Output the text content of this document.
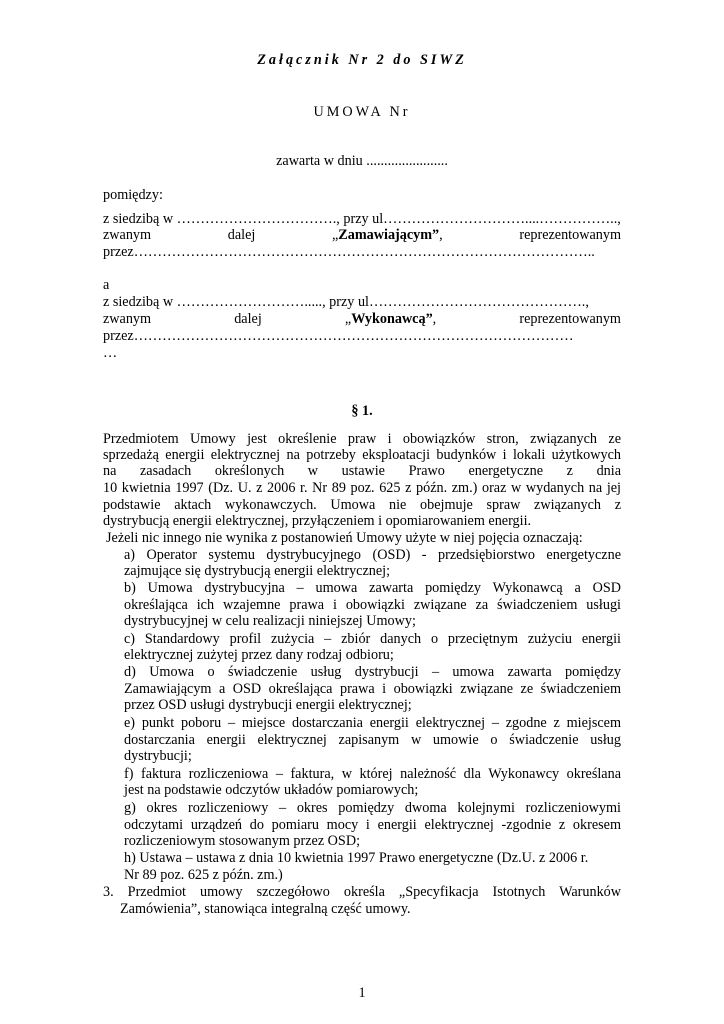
Załącznik Nr 2 do SIWZ
UMOWA Nr
zawarta w dniu .......................
pomiędzy:
z siedzibą w ……………………………., przy ul…………………………....……………..,
zwanym	dalej	„Zamawiającym”,	reprezentowanym
przez……………………………………………………………………………………..
a
z siedzibą w ………………………....., przy ul……………………………………….,
zwanym	dalej	„Wykonawcą”,	reprezentowanym
przez…………………………………………………………………………………
…
§ 1.
Przedmiotem Umowy jest określenie praw i obowiązków stron, związanych ze
sprzedażą energii elektrycznej na potrzeby eksploatacji budynków i lokali użytkowych
na zasadach określonych w ustawie Prawo energetyczne z dnia
10 kwietnia 1997 (Dz. U. z 2006 r. Nr 89 poz. 625 z późn. zm.) oraz w wydanych na jej
podstawie aktach wykonawczych. Umowa nie obejmuje spraw związanych z
dystrybucją energii elektrycznej, przyłączeniem i opomiarowaniem energii.
Jeżeli nic innego nie wynika z postanowień Umowy użyte w niej pojęcia oznaczają:
a) Operator systemu dystrybucyjnego (OSD) - przedsiębiorstwo energetyczne
zajmujące się dystrybucją energii elektrycznej;
b) Umowa dystrybucyjna – umowa zawarta pomiędzy Wykonawcą a OSD
określająca ich wzajemne prawa i obowiązki związane za świadczeniem usługi
dystrybucyjnej w celu realizacji niniejszej Umowy;
c) Standardowy profil zużycia – zbiór danych o przeciętnym zużyciu energii
elektrycznej zużytej przez dany rodzaj odbioru;
d) Umowa o świadczenie usług dystrybucji – umowa zawarta pomiędzy
Zamawiającym a OSD określająca prawa i obowiązki związane ze świadczeniem
przez OSD usługi dystrybucji energii elektrycznej;
e) punkt poboru – miejsce dostarczania energii elektrycznej – zgodne z miejscem
dostarczania energii elektrycznej zapisanym w umowie o świadczenie usług
dystrybucji;
f) faktura rozliczeniowa – faktura, w której należność dla Wykonawcy określana
jest na podstawie odczytów układów pomiarowych;
g) okres rozliczeniowy – okres pomiędzy dwoma kolejnymi rozliczeniowymi
odczytami urządzeń do pomiaru mocy i energii elektrycznej -zgodnie z okresem
rozliczeniowym stosowanym przez OSD;
h) Ustawa – ustawa z dnia 10 kwietnia 1997 Prawo energetyczne (Dz.U. z 2006 r.
Nr 89 poz. 625 z późn. zm.)
3. Przedmiot umowy szczegółowo określa „Specyfikacja Istotnych Warunków
Zamówienia”, stanowiąca integralną część umowy.
1
